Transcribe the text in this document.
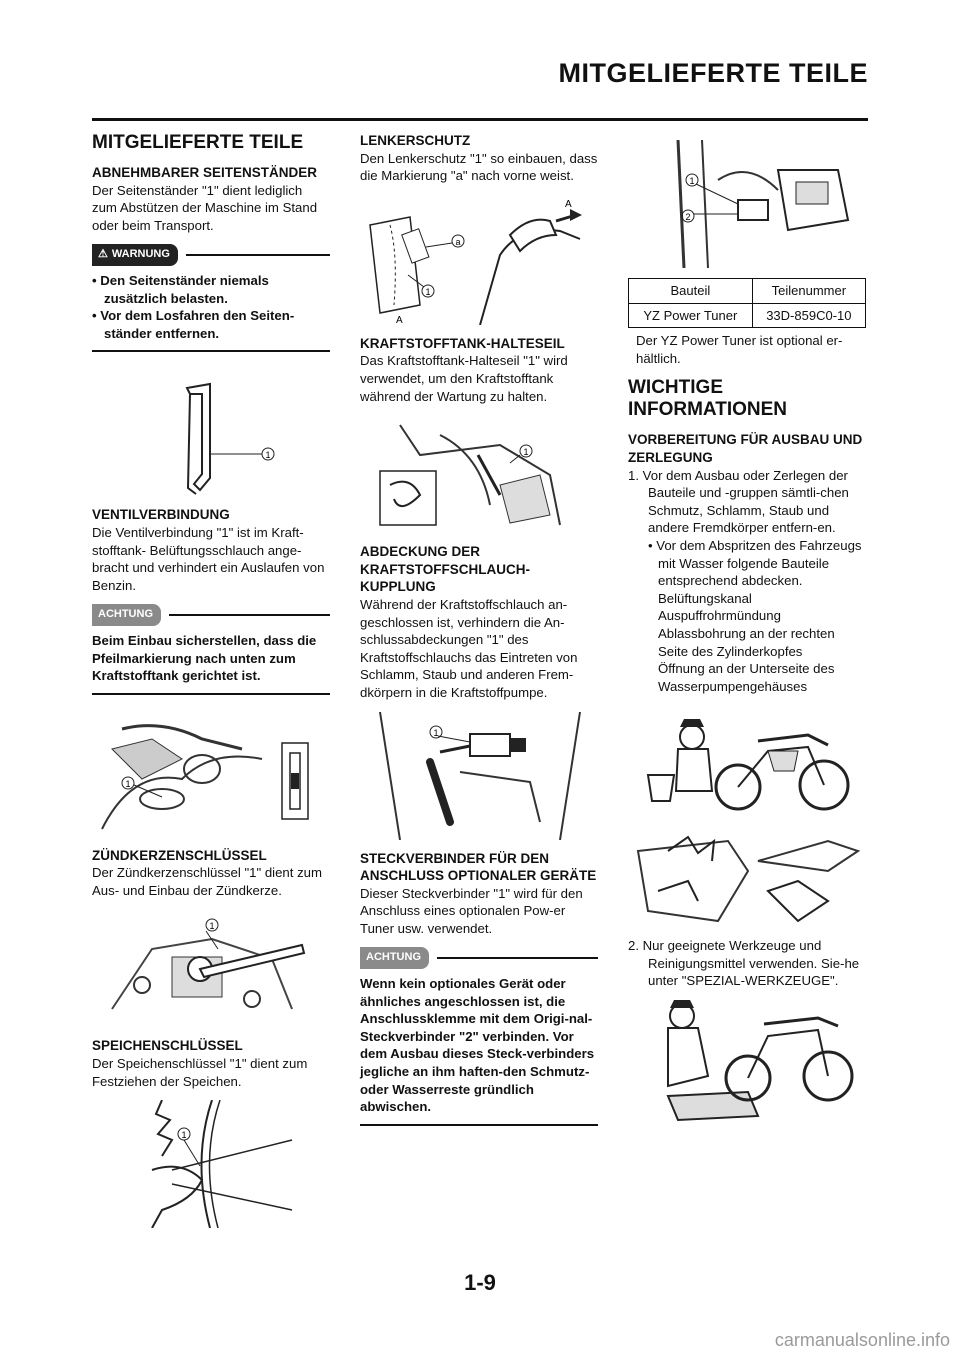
MITGELIEFERTE TEILE
MITGELIEFERTE TEILE
ABNEHMBARER SEITENSTÄNDER

Der Seitenständer "1" dient lediglich zum Abstützen der Maschine im Stand oder beim Transport.

⚠ WARNUNG
• Den Seitenständer niemals zusätzlich belasten.
• Vor dem Losfahren den Seiten-ständer entfernen.
1
VENTILVERBINDUNG

Die Ventilverbindung "1" ist im Kraft-stofftank- Belüftungsschlauch ange-bracht und verhindert ein Auslaufen von Benzin.

ACHTUNG
Beim Einbau sicherstellen, dass die Pfeilmarkierung nach unten zum Kraftstofftank gerichtet ist.
1
ZÜNDKERZENSCHLÜSSEL

Der Zündkerzenschlüssel "1" dient zum Aus- und Einbau der Zündkerze.

1
SPEICHENSCHLÜSSEL

Der Speichenschlüssel "1" dient zum Festziehen der Speichen.

1
LENKERSCHUTZ

Den Lenkerschutz "1" so einbauen, dass die Markierung "a" nach vorne weist.

A
A
a
1
KRAFTSTOFFTANK-HALTESEIL

Das Kraftstofftank-Halteseil "1" wird verwendet, um den Kraftstofftank während der Wartung zu halten.

1
ABDECKUNG DER KRAFTSTOFFSCHLAUCH-KUPPLUNG

Während der Kraftstoffschlauch an-geschlossen ist, verhindern die An-schlussabdeckungen "1" des Kraftstoffschlauchs das Eintreten von Schlamm, Staub und anderen Frem-dkörpern in die Kraftstoffpumpe.

1
STECKVERBINDER FÜR DEN ANSCHLUSS OPTIONALER GERÄTE

Dieser Steckverbinder "1" wird für den Anschluss eines optionalen Pow-er Tuner usw. verwendet.

ACHTUNG
Wenn kein optionales Gerät oder ähnliches angeschlossen ist, die Anschlussklemme mit dem Origi-nal-Steckverbinder "2" verbinden. Vor dem Ausbau dieses Steck-verbinders jegliche an ihm haften-den Schmutz- oder Wasserreste gründlich abwischen.
1
2
Bauteil	Teilenummer
YZ Power Tuner	33D-859C0-10

Der YZ Power Tuner ist optional er-hältlich.

WICHTIGE INFORMATIONEN
VORBEREITUNG FÜR AUSBAU UND ZERLEGUNG
1. Vor dem Ausbau oder Zerlegen der Bauteile und -gruppen sämtli-chen Schmutz, Schlamm, Staub und andere Fremdkörper entfern-en.
• Vor dem Abspritzen des Fahrzeugs mit Wasser folgende Bauteile entsprechend abdecken.
Belüftungskanal
Auspuffrohrmündung
Ablassbohrung an der rechten Seite des Zylinderkopfes
Öffnung an der Unterseite des Wasserpumpengehäuses
2. Nur geeignete Werkzeuge und Reinigungsmittel verwenden. Sie-he unter "SPEZIAL-WERKZEUGE".
1-9
carmanualsonline.info
